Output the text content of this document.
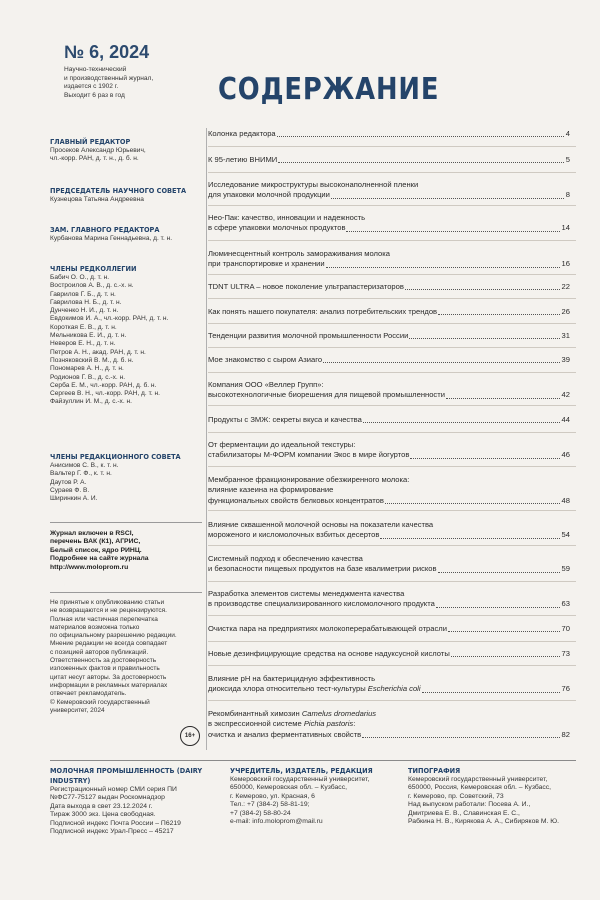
№ 6, 2024
Научно-технический
и производственный журнал,
издается с 1902 г.
Выходит 6 раз в год
ГЛАВНЫЙ РЕДАКТОР
Просеков Александр Юрьевич,
чл.-корр. РАН, д. т. н., д. б. н.
ПРЕДСЕДАТЕЛЬ НАУЧНОГО СОВЕТА
Кузнецова Татьяна Андреевна
ЗАМ. ГЛАВНОГО РЕДАКТОРА
Курбанова Марина Геннадьевна, д. т. н.
ЧЛЕНЫ РЕДКОЛЛЕГИИ
Бабич О. О., д. т. н.
Востроилов А. В., д. с.-х. н.
Гаврилов Г. Б., д. т. н.
Гаврилова Н. Б., д. т. н.
Дунченко Н. И., д. т. н.
Евдокимов И. А., чл.-корр. РАН, д. т. н.
Короткая Е. В., д. т. н.
Мельникова Е. И., д. т. н.
Неверов Е. Н., д. т. н.
Петров А. Н., акад. РАН, д. т. н.
Позняковский В. М., д. б. н.
Пономарев А. Н., д. т. н.
Родионов Г. В., д. с.-х. н.
Серба Е. М., чл.-корр. РАН, д. б. н.
Сергеев В. Н., чл.-корр. РАН, д. т. н.
Файзуллин И. М., д. с.-х. н.
ЧЛЕНЫ РЕДАКЦИОННОГО СОВЕТА
Анисимов С. В., к. т. н.
Вальтер Г. Ф., к. т. н.
Даутов Р. А.
Сураев Ф. В.
Ширинкин А. И.
Журнал включен в RSCI,
перечень ВАК (К1), АГРИС,
Белый список, ядро РИНЦ.
Подробнее на сайте журнала
http://www.moloprom.ru
Не принятые к опубликованию статьи
не возвращаются и не рецензируются.
Полная или частичная перепечатка
материалов возможна только
по официальному разрешению редакции.
Мнение редакции не всегда совпадает
с позицией авторов публикаций.
Ответственность за достоверность
изложенных фактов и правильность
цитат несут авторы. За достоверность
информации в рекламных материалах
отвечает рекламодатель.
© Кемеровский государственный
университет, 2024
16+
СОДЕРЖАНИЕ
Колонка редактора	4
К 95-летию ВНИМИ	5
Исследование микроструктуры высоконаполненной пленки
для упаковки молочной продукции	8
Нео-Пак: качество, инновации и надежность
в сфере упаковки молочных продуктов	14
Люминесцентный контроль замораживания молока
при транспортировке и хранении	16
TDNT ULTRA – новое поколение ультрапастеризаторов	22
Как понять нашего покупателя: анализ потребительских трендов	26
Тенденции развития молочной промышленности России	31
Мое знакомство с сыром Азиаго	39
Компания ООО «Веллер Групп»:
высокотехнологичные биорешения для пищевой промышленности	42
Продукты с ЗМЖ: секреты вкуса и качества	44
От ферментации до идеальной текстуры:
стабилизаторы М-ФОРМ компании Экос в мире йогуртов	46
Мембранное фракционирование обезжиренного молока:
влияние казеина на формирование
функциональных свойств белковых концентратов	48
Влияние сквашенной молочной основы на показатели качества
мороженого и кисломолочных взбитых десертов	54
Системный подход к обеспечению качества
и безопасности пищевых продуктов на базе квалиметрии рисков	59
Разработка элементов системы менеджмента качества
в производстве специализированного кисломолочного продукта	63
Очистка пара на предприятиях молокоперерабатывающей отрасли	70
Новые дезинфицирующие средства на основе надуксусной кислоты	73
Влияние pH на бактерицидную эффективность
диоксида хлора относительно тест-культуры Escherichia coli	76
Рекомбинантный химозин Camelus dromedarius
в экспрессионной системе Pichia pastoris:
очистка и анализ ферментативных свойств	82
МОЛОЧНАЯ ПРОМЫШЛЕННОСТЬ (DAIRY INDUSTRY)
Регистрационный номер СМИ серия ПИ
№ФС77-75127 выдан Роскомнадзор
Дата выхода в свет 23.12.2024 г.
Тираж 3000 экз. Цена свободная.
Подписной индекс Почта России – П6219
Подписной индекс Урал-Пресс – 45217
УЧРЕДИТЕЛЬ, ИЗДАТЕЛЬ, РЕДАКЦИЯ
Кемеровский государственный университет,
650000, Кемеровская обл. – Кузбасс,
г. Кемерово, ул. Красная, 6
Тел.: +7 (384-2) 58-81-19;
+7 (384-2) 58-80-24
e-mail: info.moloprom@mail.ru
ТИПОГРАФИЯ
Кемеровский государственный университет,
650000, Россия, Кемеровская обл. – Кузбасс,
г. Кемерово, пр. Советский, 73
Над выпуском работали: Посева А. И.,
Дмитриева Е. В., Славинская Е. С.,
Рабкина Н. В., Кирякова А. А., Сибиряков М. Ю.
